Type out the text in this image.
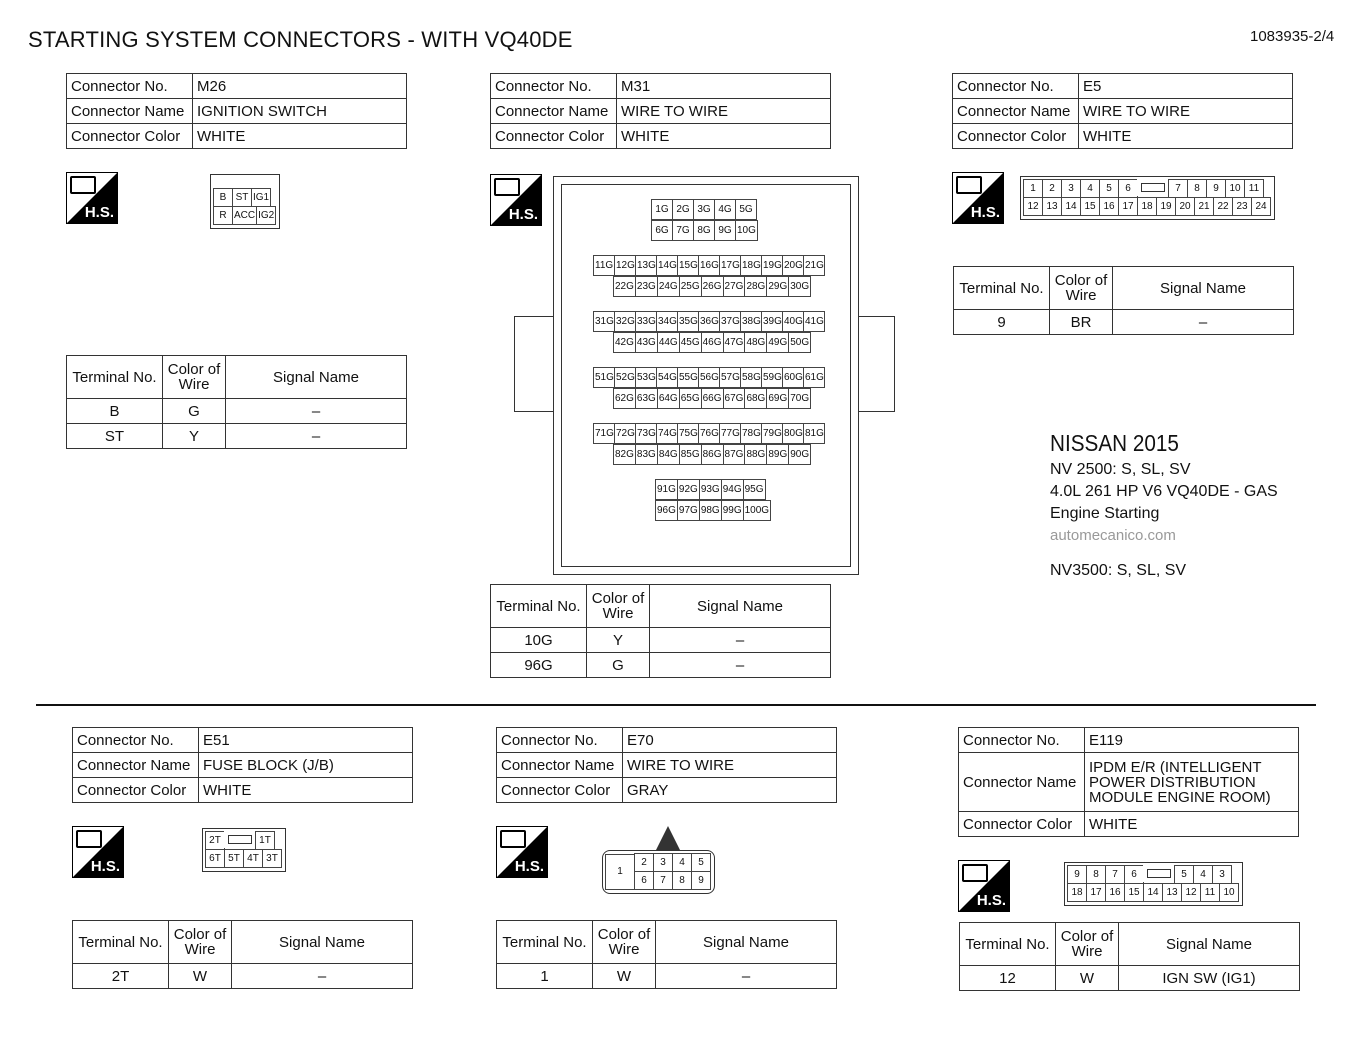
STARTING SYSTEM CONNECTORS - WITH VQ40DE	1083935-2/4
Connector No.	M26
Connector Name	IGNITION SWITCH
Connector Color	WHITE
Connector No.	M31
Connector Name	WIRE TO WIRE
Connector Color	WHITE
Connector No.	E5
Connector Name	WIRE TO WIRE
Connector Color	WHITE
Connector No.	E51
Connector Name	FUSE BLOCK (J/B)
Connector Color	WHITE
Connector No.	E70
Connector Name	WIRE TO WIRE
Connector Color	GRAY
Connector No.	E119
Connector Name	IPDM E/R (INTELLIGENT POWER DISTRIBUTION MODULE ENGINE ROOM)
Connector Color	WHITE
Terminal No.	Color of Wire	Signal Name
B	G	–
ST	Y	–
Terminal No.	Color of Wire	Signal Name
10G	Y	–
96G	G	–
Terminal No.	Color of Wire	Signal Name
9	BR	–
Terminal No.	Color of Wire	Signal Name
2T	W	–
Terminal No.	Color of Wire	Signal Name
1	W	–
Terminal No.	Color of Wire	Signal Name
12	W	IGN SW (IG1)
H.S.	H.S.	H.S.
H.S.	H.S.
H.S.
B ST IG1
R ACC IG2
1G 2G 3G 4G 5G
6G 7G 8G 9G 10G
11G 12G 13G 14G 15G 16G 17G 18G 19G 20G 21G
22G 23G 24G 25G 26G 27G 28G 29G 30G
31G 32G 33G 34G 35G 36G 37G 38G 39G 40G 41G
42G 43G 44G 45G 46G 47G 48G 49G 50G
51G 52G 53G 54G 55G 56G 57G 58G 59G 60G 61G
62G 63G 64G 65G 66G 67G 68G 69G 70G
71G 72G 73G 74G 75G 76G 77G 78G 79G 80G 81G
82G 83G 84G 85G 86G 87G 88G 89G 90G
91G 92G 93G 94G 95G
96G 97G 98G 99G 100G
1	2	3	4	5	6	7	8	9	10 11
12 13 14 15 16 17 18 19 20 21 22 23 24
2T	1T
6T 5T 4T 3T
1
2	3	4	5
6	7	8	9
9	8	7	6	5	4	3
18 17 16 15 14 13 12 11 10
NISSAN 2015
NV 2500: S, SL, SV
4.0L 261 HP V6 VQ40DE - GAS
Engine Starting
automecanico.com
NV3500: S, SL, SV
